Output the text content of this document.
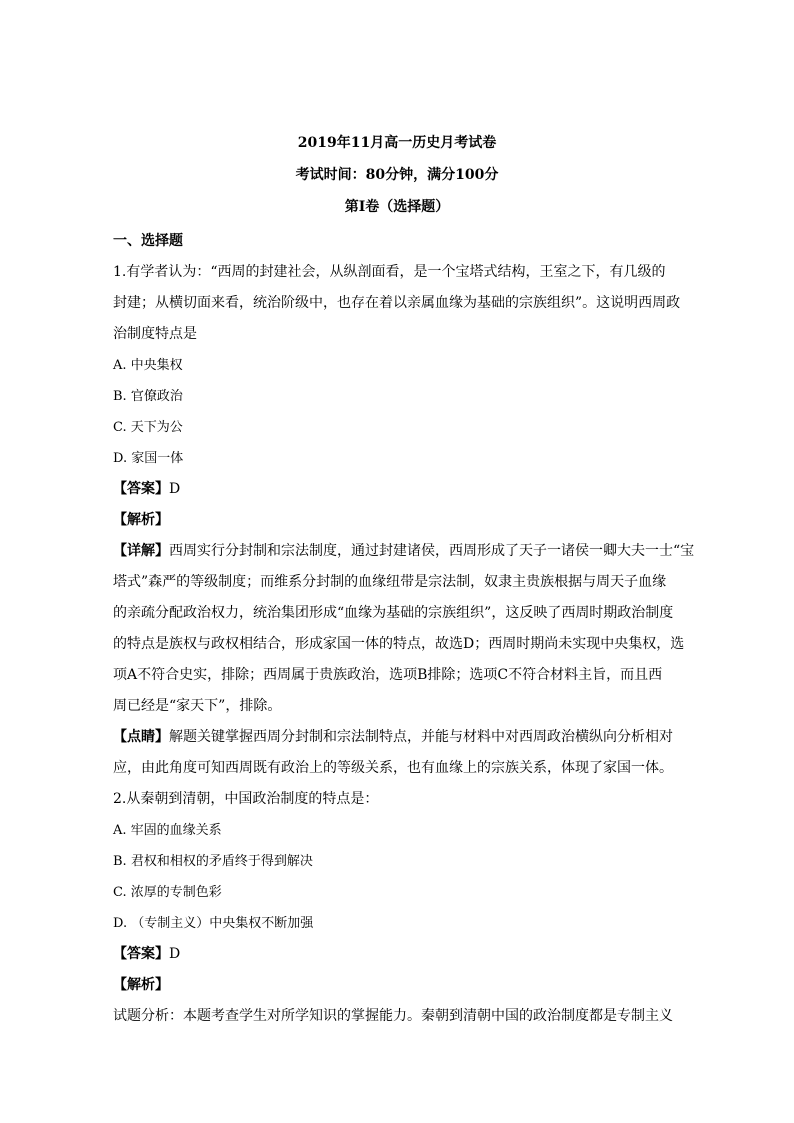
2019年11月高一历史月考试卷
考试时间：80分钟，满分100分
第I卷（选择题）
一、选择题
1.有学者认为：“西周的封建社会，从纵剖面看，是一个宝塔式结构，王室之下，有几级的
封建；从横切面来看，统治阶级中，也存在着以亲属血缘为基础的宗族组织”。这说明西周政
治制度特点是
A. 中央集权
B. 官僚政治
C. 天下为公
D. 家国一体
【答案】D
【解析】
【详解】西周实行分封制和宗法制度，通过封建诸侯，西周形成了天子一诸侯一卿大夫一士“宝
塔式”森严的等级制度；而维系分封制的血缘纽带是宗法制，奴隶主贵族根据与周天子血缘
的亲疏分配政治权力，统治集团形成“血缘为基础的宗族组织”，这反映了西周时期政治制度
的特点是族权与政权相结合，形成家国一体的特点，故选D；西周时期尚未实现中央集权，选
项A不符合史实，排除；西周属于贵族政治，选项B排除；选项C不符合材料主旨，而且西
周已经是“家天下”，排除。
【点睛】解题关键掌握西周分封制和宗法制特点，并能与材料中对西周政治横纵向分析相对
应，由此角度可知西周既有政治上的等级关系，也有血缘上的宗族关系，体现了家国一体。
2.从秦朝到清朝，中国政治制度的特点是：
A. 牢固的血缘关系
B. 君权和相权的矛盾终于得到解决
C. 浓厚的专制色彩
D. （专制主义）中央集权不断加强
【答案】D
【解析】
试题分析：本题考查学生对所学知识的掌握能力。秦朝到清朝中国的政治制度都是专制主义
